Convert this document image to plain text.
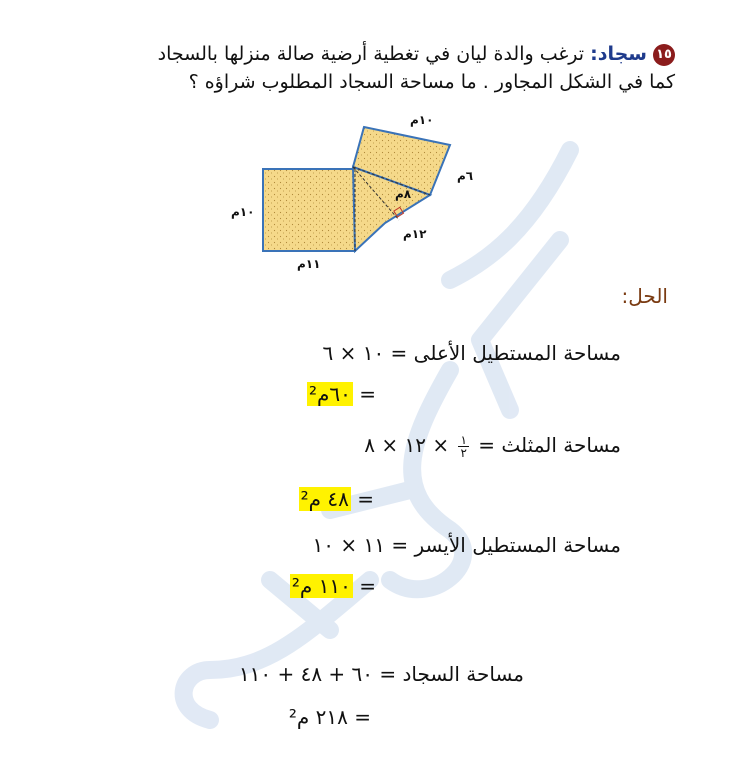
١٥سجاد: ترغب والدة ليان في تغطية أرضية صالة منزلها بالسجاد كما في الشكل المجاور . ما مساحة السجاد المطلوب شراؤه ؟
١٠م
٦م
٨م
١٢م
١٠م
١١م
الحل:
مساحة المستطيل الأعلى = ١٠ × ٦
= ٦٠م²
مساحة المثلث =
$\frac{١}{٢}$
× ١٢ × ٨
= ٤٨ م²
مساحة المستطيل الأيسر = ١١ × ١٠
= ١١٠ م²
مساحة السجاد = ٦٠ + ٤٨ + ١١٠
= ٢١٨ م²
